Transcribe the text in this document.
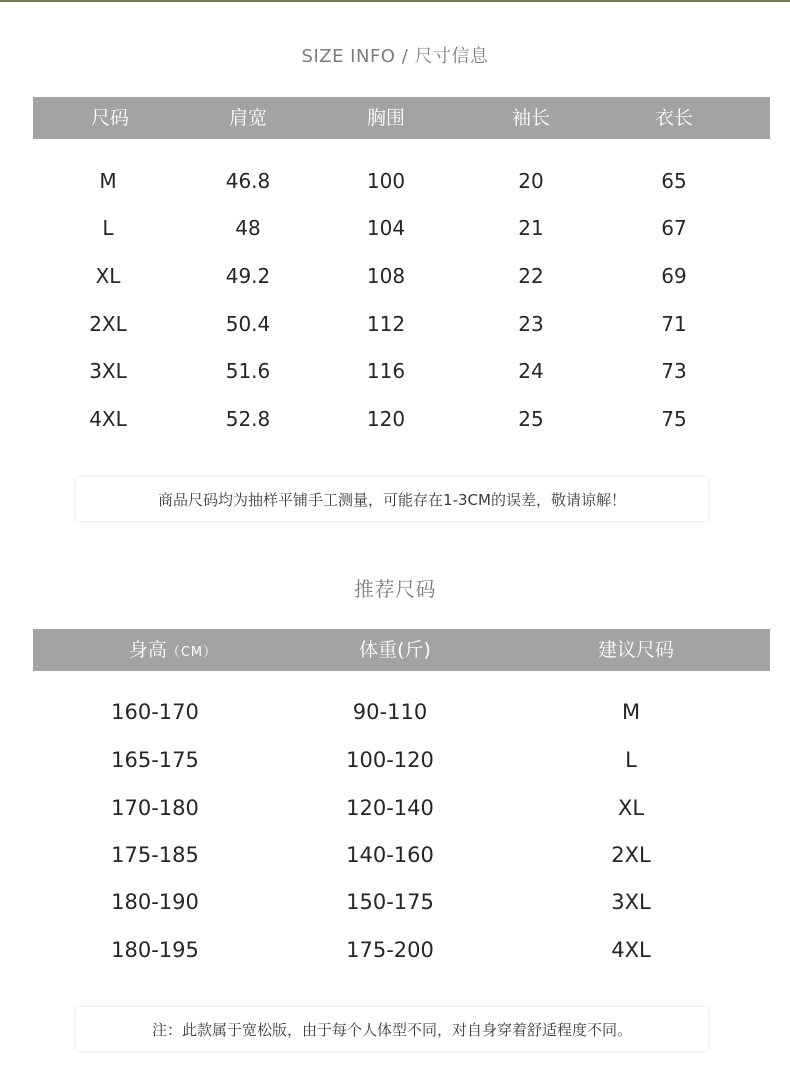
SIZE INFO / 尺寸信息
尺码	肩宽	胸围	袖长	衣长
M	46.8	100	20	65
L	48	104	21	67
XL	49.2	108	22	69
2XL	50.4	112	23	71
3XL	51.6	116	24	73
4XL	52.8	120	25	75
商品尺码均为抽样平铺手工测量，可能存在1-3CM的误差，敬请谅解！
推荐尺码
身高（CM）	体重(斤)	建议尺码
160-170	90-110	M
165-175	100-120	L
170-180	120-140	XL
175-185	140-160	2XL
180-190	150-175	3XL
180-195	175-200	4XL
注：此款属于宽松版，由于每个人体型不同，对自身穿着舒适程度不同。
